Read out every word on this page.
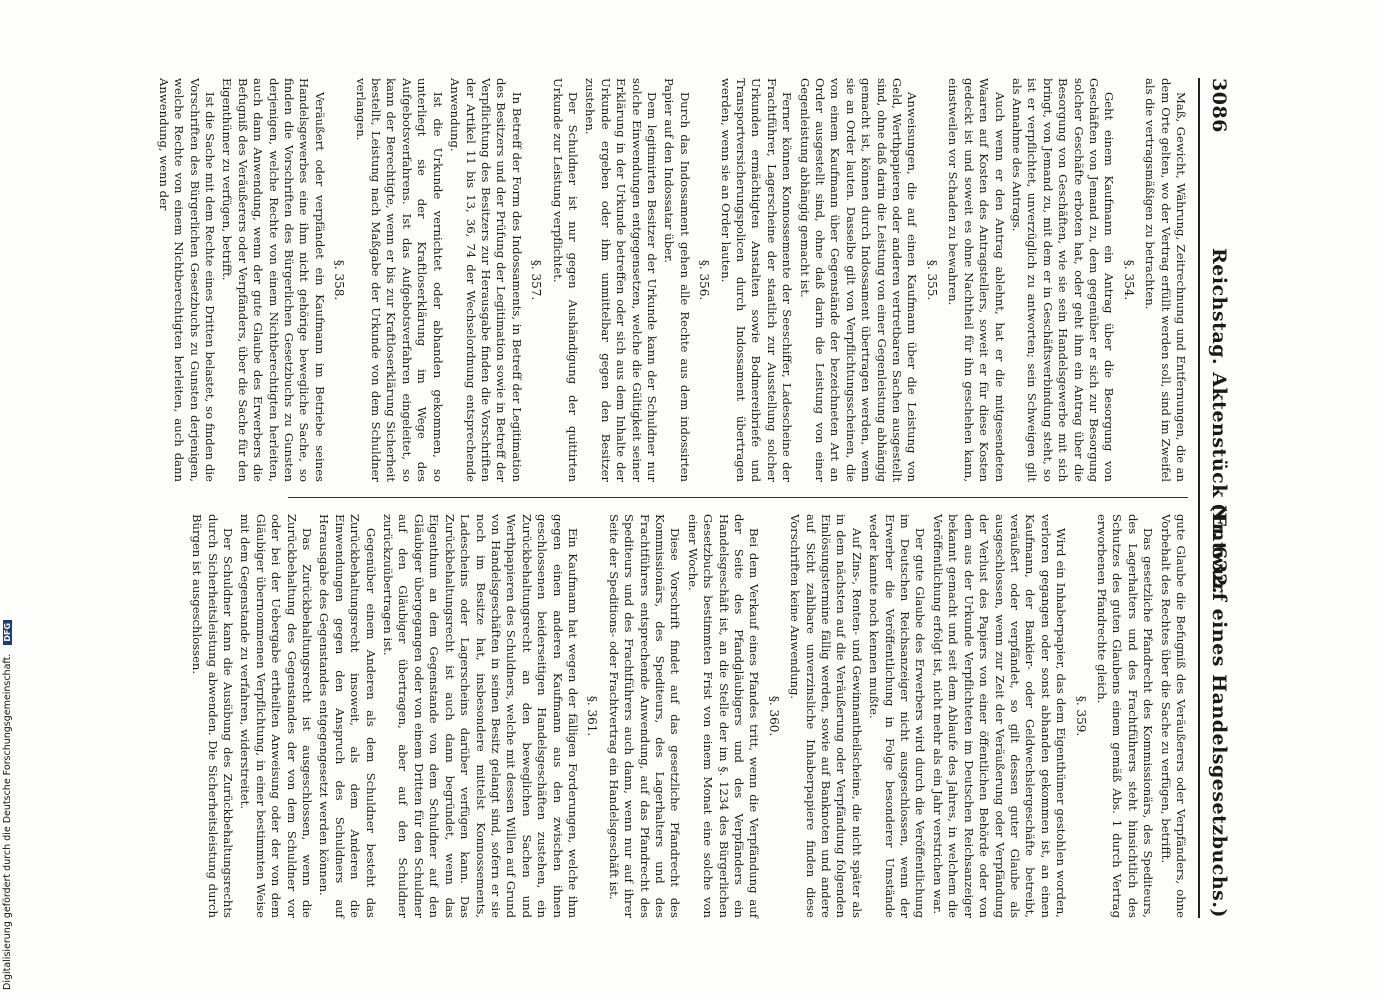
3086
Reichstag. Aktenstück Nr. 632.
(Entwurf eines Handelsgesetzbuchs.)

Maß, Gewicht, Währung, Zeitrechnung und Entfernungen, die an dem Orte gelten, wo der Vertrag erfüllt werden soll, sind im Zweifel als die vertragsmäßigen zu betrachten.

§. 354.

Geht einem Kaufmann ein Antrag über die Besorgung von Geschäften von Jemand zu, dem gegenüber er sich zur Besorgung solcher Geschäfte erboten hat, oder geht ihm ein Antrag über die Besorgung von Geschäften, wie sie sein Handelsgewerbe mit sich bringt, von Jemand zu, mit dem er in Geschäftsverbindung steht, so ist er verpflichtet, unverzüglich zu antworten; sein Schweigen gilt als Annahme des Antrags.

Auch wenn er den Antrag ablehnt, hat er die mitgesendeten Waaren auf Kosten des Antragstellers, soweit er für diese Kosten gedeckt ist und soweit es ohne Nachtheil für ihn geschehen kann, einstweilen vor Schaden zu bewahren.

§. 355.

Anweisungen, die auf einen Kaufmann über die Leistung von Geld, Werthpapieren oder anderen vertretbaren Sachen ausgestellt sind, ohne daß darin die Leistung von einer Gegenleistung abhängig gemacht ist, können durch Indossament übertragen werden, wenn sie an Order lauten. Dasselbe gilt von Verpflichtungsscheinen, die von einem Kaufmann über Gegenstände der bezeichneten Art an Order ausgestellt sind, ohne daß darin die Leistung von einer Gegenleistung abhängig gemacht ist.

Ferner können Konnossemente der Seeschiffer, Ladescheine der Frachtführer, Lagerscheine der staatlich zur Ausstellung solcher Urkunden ermächtigten Anstalten sowie Bodmereibriefe und Transportversicherungspolicen durch Indossament übertragen werden, wenn sie an Order lauten.

§. 356.

Durch das Indossament gehen alle Rechte aus dem indossirten Papier auf den Indossatar über.

Dem legitimirten Besitzer der Urkunde kann der Schuldner nur solche Einwendungen entgegensetzen, welche die Gültigkeit seiner Erklärung in der Urkunde betreffen oder sich aus dem Inhalte der Urkunde ergeben oder ihm unmittelbar gegen den Besitzer zustehen.

Der Schuldner ist nur gegen Aushändigung der quittirten Urkunde zur Leistung verpflichtet.

§. 357.

In Betreff der Form des Indossaments, in Betreff der Legitimation des Besitzers und der Prüfung der Legitimation sowie in Betreff der Verpflichtung des Besitzers zur Herausgabe finden die Vorschriften der Artikel 11 bis 13, 36, 74 der Wechselordnung entsprechende Anwendung.

Ist die Urkunde vernichtet oder abhanden gekommen, so unterliegt sie der Kraftloserklärung im Wege des Aufgebotsverfahrens. Ist das Aufgebotsverfahren eingeleitet, so kann der Berechtigte, wenn er bis zur Kraftloserklärung Sicherheit bestellt, Leistung nach Maßgabe der Urkunde von dem Schuldner verlangen.

§. 358.

Veräußert oder verpfändet ein Kaufmann im Betriebe seines Handelsgewerbes eine ihm nicht gehörige bewegliche Sache, so finden die Vorschriften des Bürgerlichen Gesetzbuchs zu Gunsten derjenigen, welche Rechte von einem Nichtberechtigten herleiten, auch dann Anwendung, wenn der gute Glaube des Erwerbers die Befugniß des Veräußerers oder Verpfänders, über die Sache für den Eigenthümer zu verfügen, betrifft.

Ist die Sache mit dem Rechte eines Dritten belastet, so finden die Vorschriften des Bürgerlichen Gesetzbuchs zu Gunsten derjenigen, welche Rechte von einem Nichtberechtigten herleiten, auch dann Anwendung, wenn der

gute Glaube die Befugniß des Veräußerers oder Verpfänders, ohne Vorbehalt des Rechtes über die Sache zu verfügen, betrifft.

Das gesetzliche Pfandrecht des Kommissionärs, des Spediteurs, des Lagerhalters und des Frachtführers steht hinsichtlich des Schutzes des guten Glaubens einem gemäß Abs. 1 durch Vertrag erworbenen Pfandrechte gleich.

§. 359.

Wird ein Inhaberpapier, das dem Eigenthümer gestohlen worden, verloren gegangen oder sonst abhanden gekommen ist, an einen Kaufmann, der Bankier- oder Geldwechslergeschäfte betreibt, veräußert oder verpfändet, so gilt dessen guter Glaube als ausgeschlossen, wenn zur Zeit der Veräußerung oder Verpfändung der Verlust des Papiers von einer öffentlichen Behörde oder von dem aus der Urkunde Verpflichteten im Deutschen Reichsanzeiger bekannt gemacht und seit dem Ablaufe des Jahres, in welchem die Veröffentlichung erfolgt ist, nicht mehr als ein Jahr verstrichen war.

Der gute Glaube des Erwerbers wird durch die Veröffentlichung im Deutschen Reichsanzeiger nicht ausgeschlossen, wenn der Erwerber die Veröffentlichung in Folge besonderer Umstände weder kannte noch kennen mußte.

Auf Zins-, Renten- und Gewinnantheilscheine, die nicht später als in dem nächsten auf die Veräußerung oder Verpfändung folgenden Einlösungstermine fällig werden, sowie auf Banknoten und andere auf Sicht zahlbare unverzinsliche Inhaberpapiere finden diese Vorschriften keine Anwendung.

§. 360.

Bei dem Verkauf eines Pfandes tritt, wenn die Verpfändung auf der Seite des Pfandgläubigers und des Verpfänders ein Handelsgeschäft ist, an die Stelle der im §. 1234 des Bürgerlichen Gesetzbuchs bestimmten Frist von einem Monat eine solche von einer Woche.

Diese Vorschrift findet auf das gesetzliche Pfandrecht des Kommissionärs, des Spediteurs, des Lagerhalters und des Frachtführers entsprechende Anwendung, auf das Pfandrecht des Spediteurs und des Frachtführers auch dann, wenn nur auf ihrer Seite der Speditions- oder Frachtvertrag ein Handelsgeschäft ist.

§. 361.

Ein Kaufmann hat wegen der fälligen Forderungen, welche ihm gegen einen anderen Kaufmann aus den zwischen ihnen geschlossenen beiderseitigen Handelsgeschäften zustehen, ein Zurückbehaltungsrecht an den beweglichen Sachen und Werthpapieren des Schuldners, welche mit dessen Willen auf Grund von Handelsgeschäften in seinen Besitz gelangt sind, sofern er sie noch im Besitze hat, insbesondere mittelst Konnossements, Ladescheins oder Lagerscheins darüber verfügen kann. Das Zurückbehaltungsrecht ist auch dann begründet, wenn das Eigenthum an dem Gegenstande von dem Schuldner auf den Gläubiger übergegangen oder von einem Dritten für den Schuldner auf den Gläubiger übertragen, aber auf den Schuldner zurückzuübertragen ist.

Gegenüber einem Anderen als dem Schuldner besteht das Zurückbehaltungsrecht insoweit, als dem Anderen die Einwendungen gegen den Anspruch des Schuldners auf Herausgabe des Gegenstandes entgegengesetzt werden können.

Das Zurückbehaltungsrecht ist ausgeschlossen, wenn die Zurückbehaltung des Gegenstandes der von dem Schuldner vor oder bei der Uebergabe ertheilten Anweisung oder der von dem Gläubiger übernommenen Verpflichtung, in einer bestimmten Weise mit dem Gegenstande zu verfahren, widerstreitet.

Der Schuldner kann die Ausübung des Zurückbehaltungsrechts durch Sicherheitsleistung abwenden. Die Sicherheitsleistung durch Bürgen ist ausgeschlossen.

Digitalisierung gefördert durch die Deutsche Forschungsgemeinschaft. DFG
